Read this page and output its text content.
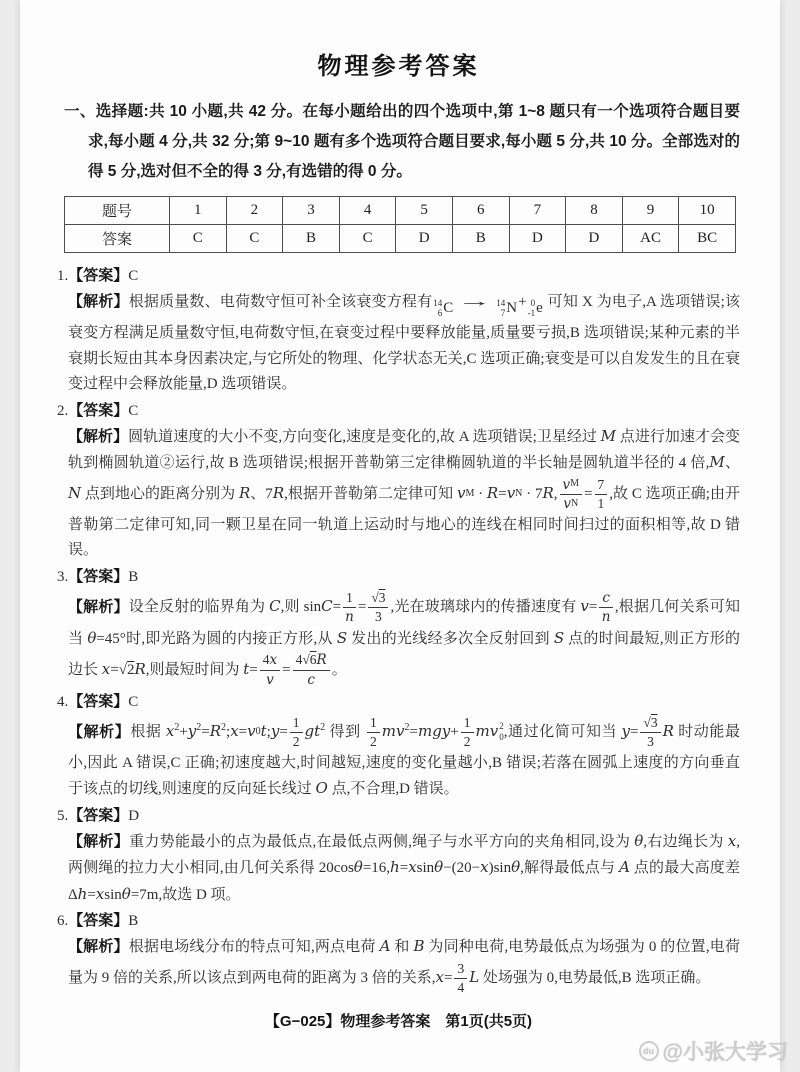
物理参考答案

一、选择题:共 10 小题,共 42 分。在每小题给出的四个选项中,第 1~8 题只有一个选项符合题目要求,每小题 4 分,共 32 分;第 9~10 题有多个选项符合题目要求,每小题 5 分,共 10 分。全部选对的得 5 分,选对但不全的得 3 分,有选错的得 0 分。

题号	1	2	3	4	5	6	7	8	9	10
答案	C	C	B	C	D	B	D	D	AC	BC
1.【答案】C
【解析】根据质量数、电荷数守恒可补全该衰变方程有 14
6 C → 14
7 N + 0
-1 e 可知 X 为电子,A 选项错误;该衰变方程满足质量数守恒,电荷数守恒,在衰变过程中要释放能量,质量要亏损,B 选项错误;某种元素的半衰期长短由其本身因素决定,与它所处的物理、化学状态无关,C 选项正确;衰变是可以自发发生的且在衰变过程中会释放能量,D 选项错误。
2.【答案】C
【解析】圆轨道速度的大小不变,方向变化,速度是变化的,故 A 选项错误;卫星经过 M 点进行加速才会变轨到椭圆轨道②运行,故 B 选项错误;根据开普勒第三定律椭圆轨道的半长轴是圆轨道半径的 4 倍,M、N 点到地心的距离分别为 R、7R,根据开普勒第二定律可知 v M · R= v N · 7R, $\frac{\text{v M}}{\text{v N}} = \frac{7}{1}$ ,故 C 选项正确;由开普勒第二定律可知,同一颗卫星在同一轨道上运动时与地心的连线在相同时间扫过的面积相等,故 D 错误。
3.【答案】B
【解析】设全反射的临界角为 C,则 $\sin C= \frac{1}{n} = \frac{√3}{3}$ ,光在玻璃球内的传播速度有 $v= \frac{c}{n}$ ,根据几何关系可知当 θ=45°时,即光路为圆的内接正方形,从 S 发出的光线经多次全反射回到 S 点的时间最短,则正方形的边长 x=√2R,则最短时间为 $t= \frac{4x}{v} = \frac{4√6R}{c}$ 。
4.【答案】C
【解析】根据 $x^2+y^2=R^2;x= v$ 0 t;y= $\frac{1}{2} gt^2$ 得到 $\frac{1}{2} mv^2=mgy+ \frac{1}{2}$ m v 2
0 ,通过化简可知当 $y= \frac{√3}{3}$ R 时动能最小,因此 A 错误,C 正确;初速度越大,时间越短,速度的变化量越小,B 错误;若落在圆弧上速度的方向垂直于该点的切线,则速度的反向延长线过 O 点,不合理,D 错误。
5.【答案】D
【解析】重力势能最小的点为最低点,在最低点两侧,绳子与水平方向的夹角相同,设为 θ,右边绳长为 x,两侧绳的拉力大小相同,由几何关系得 20cosθ=16,h=xsinθ−(20−x)sinθ,解得最低点与 A 点的最大高度差 Δh=xsinθ=7m,故选 D 项。
6.【答案】B
【解析】根据电场线分布的特点可知,两点电荷 A 和 B 为同种电荷,电势最低点为场强为 0 的位置,电荷量为 9 倍的关系,所以该点到两电荷的距离为 3 倍的关系$,x= \frac{3}{4}$ L 处场强为 0,电势最低,B 选项正确。
【G−025】物理参考答案　第1页(共5页)
du @小张大学习
